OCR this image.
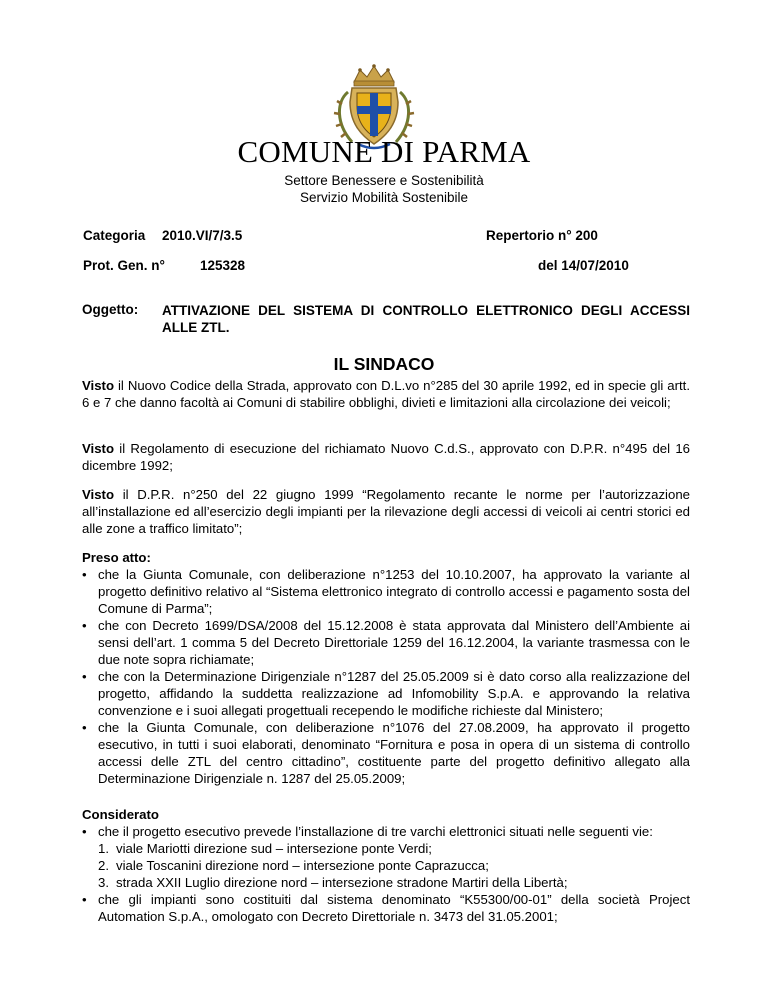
COMUNE DI PARMA
Settore Benessere e Sostenibilità
Servizio Mobilità Sostenibile
Categoria 2010.VI/7/3.5	Repertorio n° 200
Prot. Gen. n°	125328	del 14/07/2010
Oggetto: ATTIVAZIONE DEL SISTEMA DI CONTROLLO ELETTRONICO DEGLI ACCESSI ALLE ZTL.
IL SINDACO
Visto il Nuovo Codice della Strada, approvato con D.L.vo n°285 del 30 aprile 1992, ed in specie gli artt. 6 e 7 che danno facoltà ai Comuni di stabilire obblighi, divieti e limitazioni alla circolazione dei veicoli;
Visto il Regolamento di esecuzione del richiamato Nuovo C.d.S., approvato con D.P.R. n°495 del 16 dicembre 1992;
Visto il D.P.R. n°250 del 22 giugno 1999 “Regolamento recante le norme per l’autorizzazione all’installazione ed all’esercizio degli impianti per la rilevazione degli accessi di veicoli ai centri storici ed alle zone a traffico limitato”;
Preso atto:
• che la Giunta Comunale, con deliberazione n°1253 del 10.10.2007, ha approvato la variante al progetto definitivo relativo al “Sistema elettronico integrato di controllo accessi e pagamento sosta del Comune di Parma”;
• che con Decreto 1699/DSA/2008 del 15.12.2008 è stata approvata dal Ministero dell’Ambiente ai sensi dell’art. 1 comma 5 del Decreto Direttoriale 1259 del 16.12.2004, la variante trasmessa con le due note sopra richiamate;
• che con la Determinazione Dirigenziale n°1287 del 25.05.2009 si è dato corso alla realizzazione del progetto, affidando la suddetta realizzazione ad Infomobility S.p.A. e approvando la relativa convenzione e i suoi allegati progettuali recependo le modifiche richieste dal Ministero;
• che la Giunta Comunale, con deliberazione n°1076 del 27.08.2009, ha approvato il progetto esecutivo, in tutti i suoi elaborati, denominato “Fornitura e posa in opera di un sistema di controllo accessi delle ZTL del centro cittadino”, costituente parte del progetto definitivo allegato alla Determinazione Dirigenziale n. 1287 del 25.05.2009;
Considerato
• che il progetto esecutivo prevede l’installazione di tre varchi elettronici situati nelle seguenti vie:
1. viale Mariotti direzione sud – intersezione ponte Verdi;
2. viale Toscanini direzione nord – intersezione ponte Caprazucca;
3. strada XXII Luglio direzione nord – intersezione stradone Martiri della Libertà;
• che gli impianti sono costituiti dal sistema denominato “K55300/00-01” della società Project Automation S.p.A., omologato con Decreto Direttoriale n. 3473 del 31.05.2001;
